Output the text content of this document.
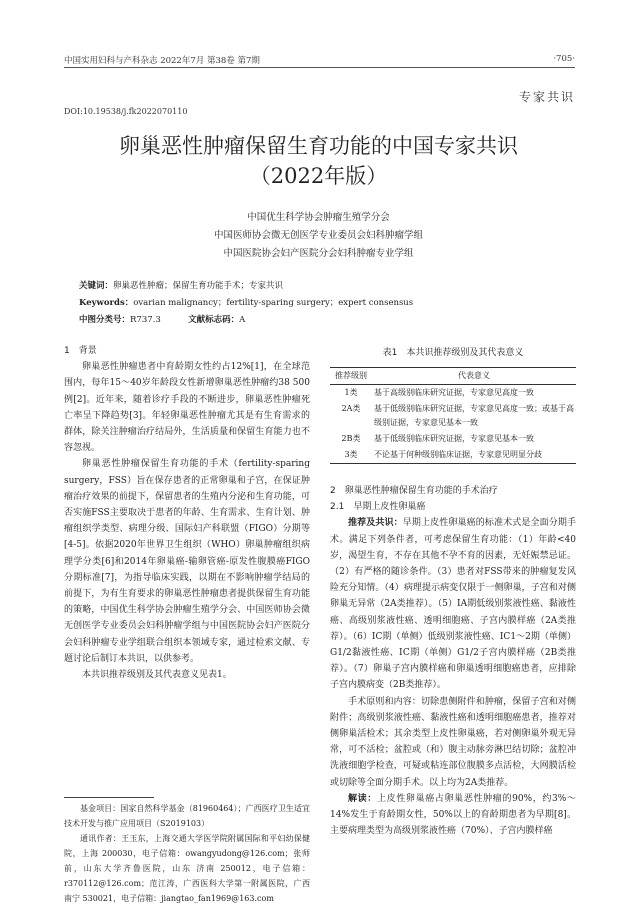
中国实用妇科与产科杂志 2022年7月 第38卷 第7期	·705·
专家共识
DOI:10.19538/j.fk2022070110
卵巢恶性肿瘤保留生育功能的中国专家共识
（2022年版）
中国优生科学协会肿瘤生殖学分会
中国医师协会微无创医学专业委员会妇科肿瘤学组
中国医院协会妇产医院分会妇科肿瘤专业学组
关键词：卵巢恶性肿瘤；保留生育功能手术；专家共识
Keywords：ovarian malignancy；fertility-sparing surgery；expert consensus
中图分类号：R737.3	文献标志码：A
1　背景

卵巢恶性肿瘤患者中育龄期女性约占12%[1]，在全球范围内，每年15～40岁年龄段女性新增卵巢恶性肿瘤约38 500例[2]。近年来，随着诊疗手段的不断进步，卵巢恶性肿瘤死亡率呈下降趋势[3]。年轻卵巢恶性肿瘤尤其是有生育需求的群体，除关注肿瘤治疗结局外，生活质量和保留生育能力也不容忽视。

卵巢恶性肿瘤保留生育功能的手术（fertility-sparing surgery，FSS）旨在保存患者的正常卵巢和子宫，在保证肿瘤治疗效果的前提下，保留患者的生殖内分泌和生育功能，可否实施FSS主要取决于患者的年龄、生育需求、生育计划、肿瘤组织学类型、病理分级、国际妇产科联盟（FIGO）分期等[4-5]。依据2020年世界卫生组织（WHO）卵巢肿瘤组织病理学分类[6]和2014年卵巢癌-输卵管癌-原发性腹膜癌FIGO分期标准[7]，为指导临床实践，以期在不影响肿瘤学结局的前提下，为有生育要求的卵巢恶性肿瘤患者提供保留生育功能的策略，中国优生科学协会肿瘤生殖学分会、中国医师协会微无创医学专业委员会妇科肿瘤学组与中国医院协会妇产医院分会妇科肿瘤专业学组联合组织本领域专家，通过检索文献、专题讨论后制订本共识，以供参考。

本共识推荐级别及其代表意义见表1。

基金项目：国家自然科学基金（81960464）；广西医疗卫生适宜技术开发与推广应用项目（S2019103）

通讯作者：王玉东，上海交通大学医学院附属国际和平妇幼保健院，上海 200030，电子信箱：owangyudong@126.com；张师前，山东大学齐鲁医院，山东 济南 250012，电子信箱：r370112@126.com；范江涛，广西医科大学第一附属医院，广西 南宁 530021，电子信箱：jiangtao_fan1969@163.com

表1　本共识推荐级别及其代表意义
推荐级别	代表意义
1类	基于高级别临床研究证据，专家意见高度一致
2A类	基于低级别临床研究证据，专家意见高度一致；或基于高级别证据，专家意见基本一致
2B类	基于低级别临床研究证据，专家意见基本一致
3类	不论基于何种级别临床证据，专家意见明显分歧
2　卵巢恶性肿瘤保留生育功能的手术治疗
2.1　早期上皮性卵巢癌

推荐及共识：早期上皮性卵巢癌的标准术式是全面分期手术。满足下列条件者，可考虑保留生育功能：（1）年龄<40岁，渴望生育，不存在其他不孕不育的因素，无妊娠禁忌证。（2）有严格的随诊条件。（3）患者对FSS带来的肿瘤复发风险充分知情。（4）病理提示病变仅限于一侧卵巢，子宫和对侧卵巢无异常（2A类推荐）。（5）ⅠA期低级别浆液性癌、黏液性癌、高级别浆液性癌、透明细胞癌、子宫内膜样癌（2A类推荐）。（6）ⅠC期（单侧）低级别浆液性癌、ⅠC1～2期（单侧）G1/2黏液性癌、ⅠC期（单侧）G1/2子宫内膜样癌（2B类推荐）。（7）卵巢子宫内膜样癌和卵巢透明细胞癌患者，应排除子宫内膜病变（2B类推荐）。

手术原则和内容：切除患侧附件和肿瘤，保留子宫和对侧附件；高级别浆液性癌、黏液性癌和透明细胞癌患者，推荐对侧卵巢活检术；其余类型上皮性卵巢癌，若对侧卵巢外观无异常，可不活检；盆腔或（和）腹主动脉旁淋巴结切除；盆腔冲洗液细胞学检查，可疑或粘连部位腹膜多点活检，大网膜活检或切除等全面分期手术。以上均为2A类推荐。

解读：上皮性卵巢癌占卵巢恶性肿瘤的90%，约3%～14%发生于育龄期女性，50%以上的育龄期患者为早期[8]。主要病理类型为高级别浆液性癌（70%）、子宫内膜样癌
